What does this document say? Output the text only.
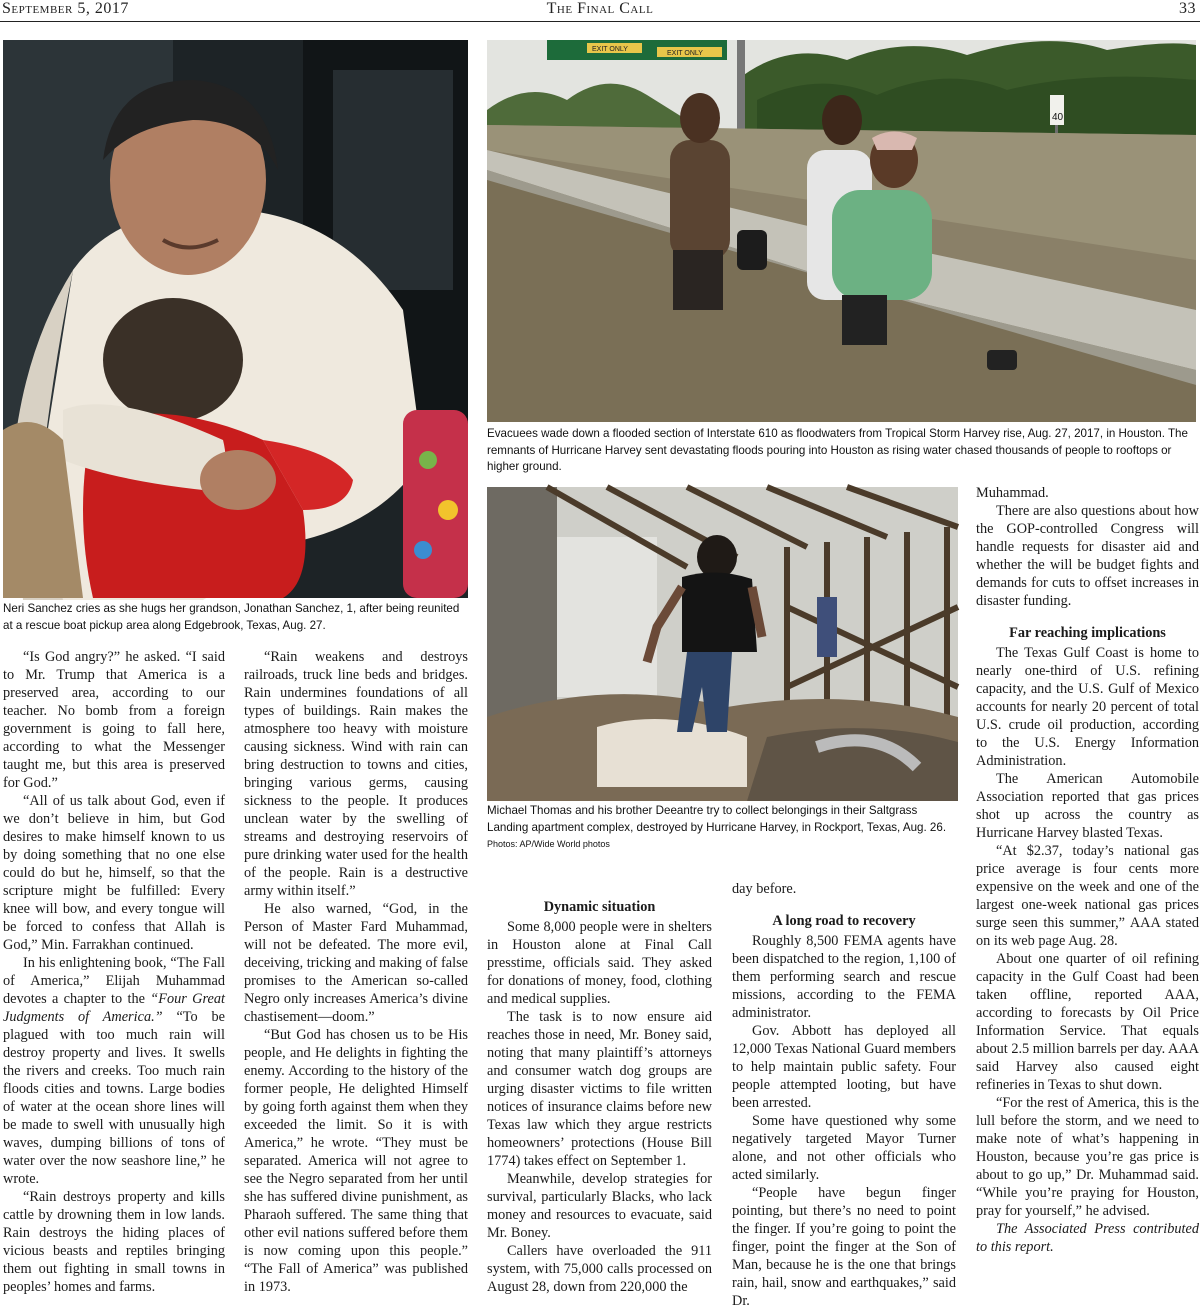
September 5, 2017	The Final Call	33
Neri Sanchez cries as she hugs her grandson, Jonathan Sanchez, 1, after being reunited at a rescue boat pickup area along Edgebrook, Texas, Aug. 27.
EXIT ONLY
EXIT ONLY
40
Evacuees wade down a flooded section of Interstate 610 as floodwaters from Tropical Storm Harvey rise, Aug. 27, 2017, in Houston. The remnants of Hurricane Harvey sent devastating floods pouring into Houston as rising water chased thousands of people to rooftops or higher ground.
Michael Thomas and his brother Deeantre try to collect belongings in their Saltgrass Landing apartment complex, destroyed by Hurricane Harvey, in Rockport, Texas, Aug. 26. Photos: AP/Wide World photos

“Is God angry?” he asked. “I said to Mr. Trump that America is a preserved area, according to our teacher. No bomb from a foreign government is going to fall here, according to what the Messenger taught me, but this area is preserved for God.”

“All of us talk about God, even if we don’t believe in him, but God desires to make himself known to us by doing something that no one else could do but he, himself, so that the scripture might be fulfilled: Every knee will bow, and every tongue will be forced to confess that Allah is God,” Min. Farrakhan continued.

In his enlightening book, “The Fall of America,” Elijah Muhammad devotes a chapter to the “Four Great Judgments of America.” “To be plagued with too much rain will destroy property and lives. It swells the rivers and creeks. Too much rain floods cities and towns. Large bodies of water at the ocean shore lines will be made to swell with unusually high waves, dumping billions of tons of water over the now seashore line,” he wrote.

“Rain destroys property and kills cattle by drowning them in low lands. Rain destroys the hiding places of vicious beasts and reptiles bringing them out fighting in small towns in peoples’ homes and farms.

“Rain weakens and destroys railroads, truck line beds and bridges. Rain undermines foundations of all types of buildings. Rain makes the atmosphere too heavy with moisture causing sickness. Wind with rain can bring destruction to towns and cities, bringing various germs, causing sickness to the people. It produces unclean water by the swelling of streams and destroying reservoirs of pure drinking water used for the health of the people. Rain is a destructive army within itself.”

He also warned, “God, in the Person of Master Fard Muhammad, will not be defeated. The more evil, deceiving, tricking and making of false promises to the American so-called Negro only increases America’s divine chastisement—doom.”

“But God has chosen us to be His people, and He delights in fighting the enemy. According to the history of the former people, He delighted Himself by going forth against them when they exceeded the limit. So it is with America,” he wrote. “They must be separated. America will not agree to see the Negro separated from her until she has suffered divine punishment, as Pharaoh suffered. The same thing that other evil nations suffered before them is now coming upon this people.” “The Fall of America” was published in 1973.

Dynamic situation

Some 8,000 people were in shelters in Houston alone at Final Call presstime, officials said. They asked for donations of money, food, clothing and medical supplies.

The task is to now ensure aid reaches those in need, Mr. Boney said, noting that many plaintiff’s attorneys and consumer watch dog groups are urging disaster victims to file written notices of insurance claims before new Texas law which they argue restricts homeowners’ protections (House Bill 1774) takes effect on September 1.

Meanwhile, develop strategies for survival, particularly Blacks, who lack money and resources to evacuate, said Mr. Boney.

Callers have overloaded the 911 system, with 75,000 calls processed on August 28, down from 220,000 the

day before.

A long road to recovery

Roughly 8,500 FEMA agents have been dispatched to the region, 1,100 of them performing search and rescue missions, according to the FEMA administrator.

Gov. Abbott has deployed all 12,000 Texas National Guard members to help maintain public safety. Four people attempted looting, but have been arrested.

Some have questioned why some negatively targeted Mayor Turner alone, and not other officials who acted similarly.

“People have begun finger pointing, but there’s no need to point the finger. If you’re going to point the finger, point the finger at the Son of Man, because he is the one that brings rain, hail, snow and earthquakes,” said Dr.

Muhammad.

There are also questions about how the GOP-controlled Congress will handle requests for disaster aid and whether the will be budget fights and demands for cuts to offset increases in disaster funding.

Far reaching implications

The Texas Gulf Coast is home to nearly one-third of U.S. refining capacity, and the U.S. Gulf of Mexico accounts for nearly 20 percent of total U.S. crude oil production, according to the U.S. Energy Information Administration.

The American Automobile Association reported that gas prices shot up across the country as Hurricane Harvey blasted Texas.

“At $2.37, today’s national gas price average is four cents more expensive on the week and one of the largest one-week national gas prices surge seen this summer,” AAA stated on its web page Aug. 28.

About one quarter of oil refining capacity in the Gulf Coast had been taken offline, reported AAA, according to forecasts by Oil Price Information Service. That equals about 2.5 million barrels per day. AAA said Harvey also caused eight refineries in Texas to shut down.

“For the rest of America, this is the lull before the storm, and we need to make note of what’s happening in Houston, because you’re gas price is about to go up,” Dr. Muhammad said. “While you’re praying for Houston, pray for yourself,” he advised.

The Associated Press contributed to this report.
